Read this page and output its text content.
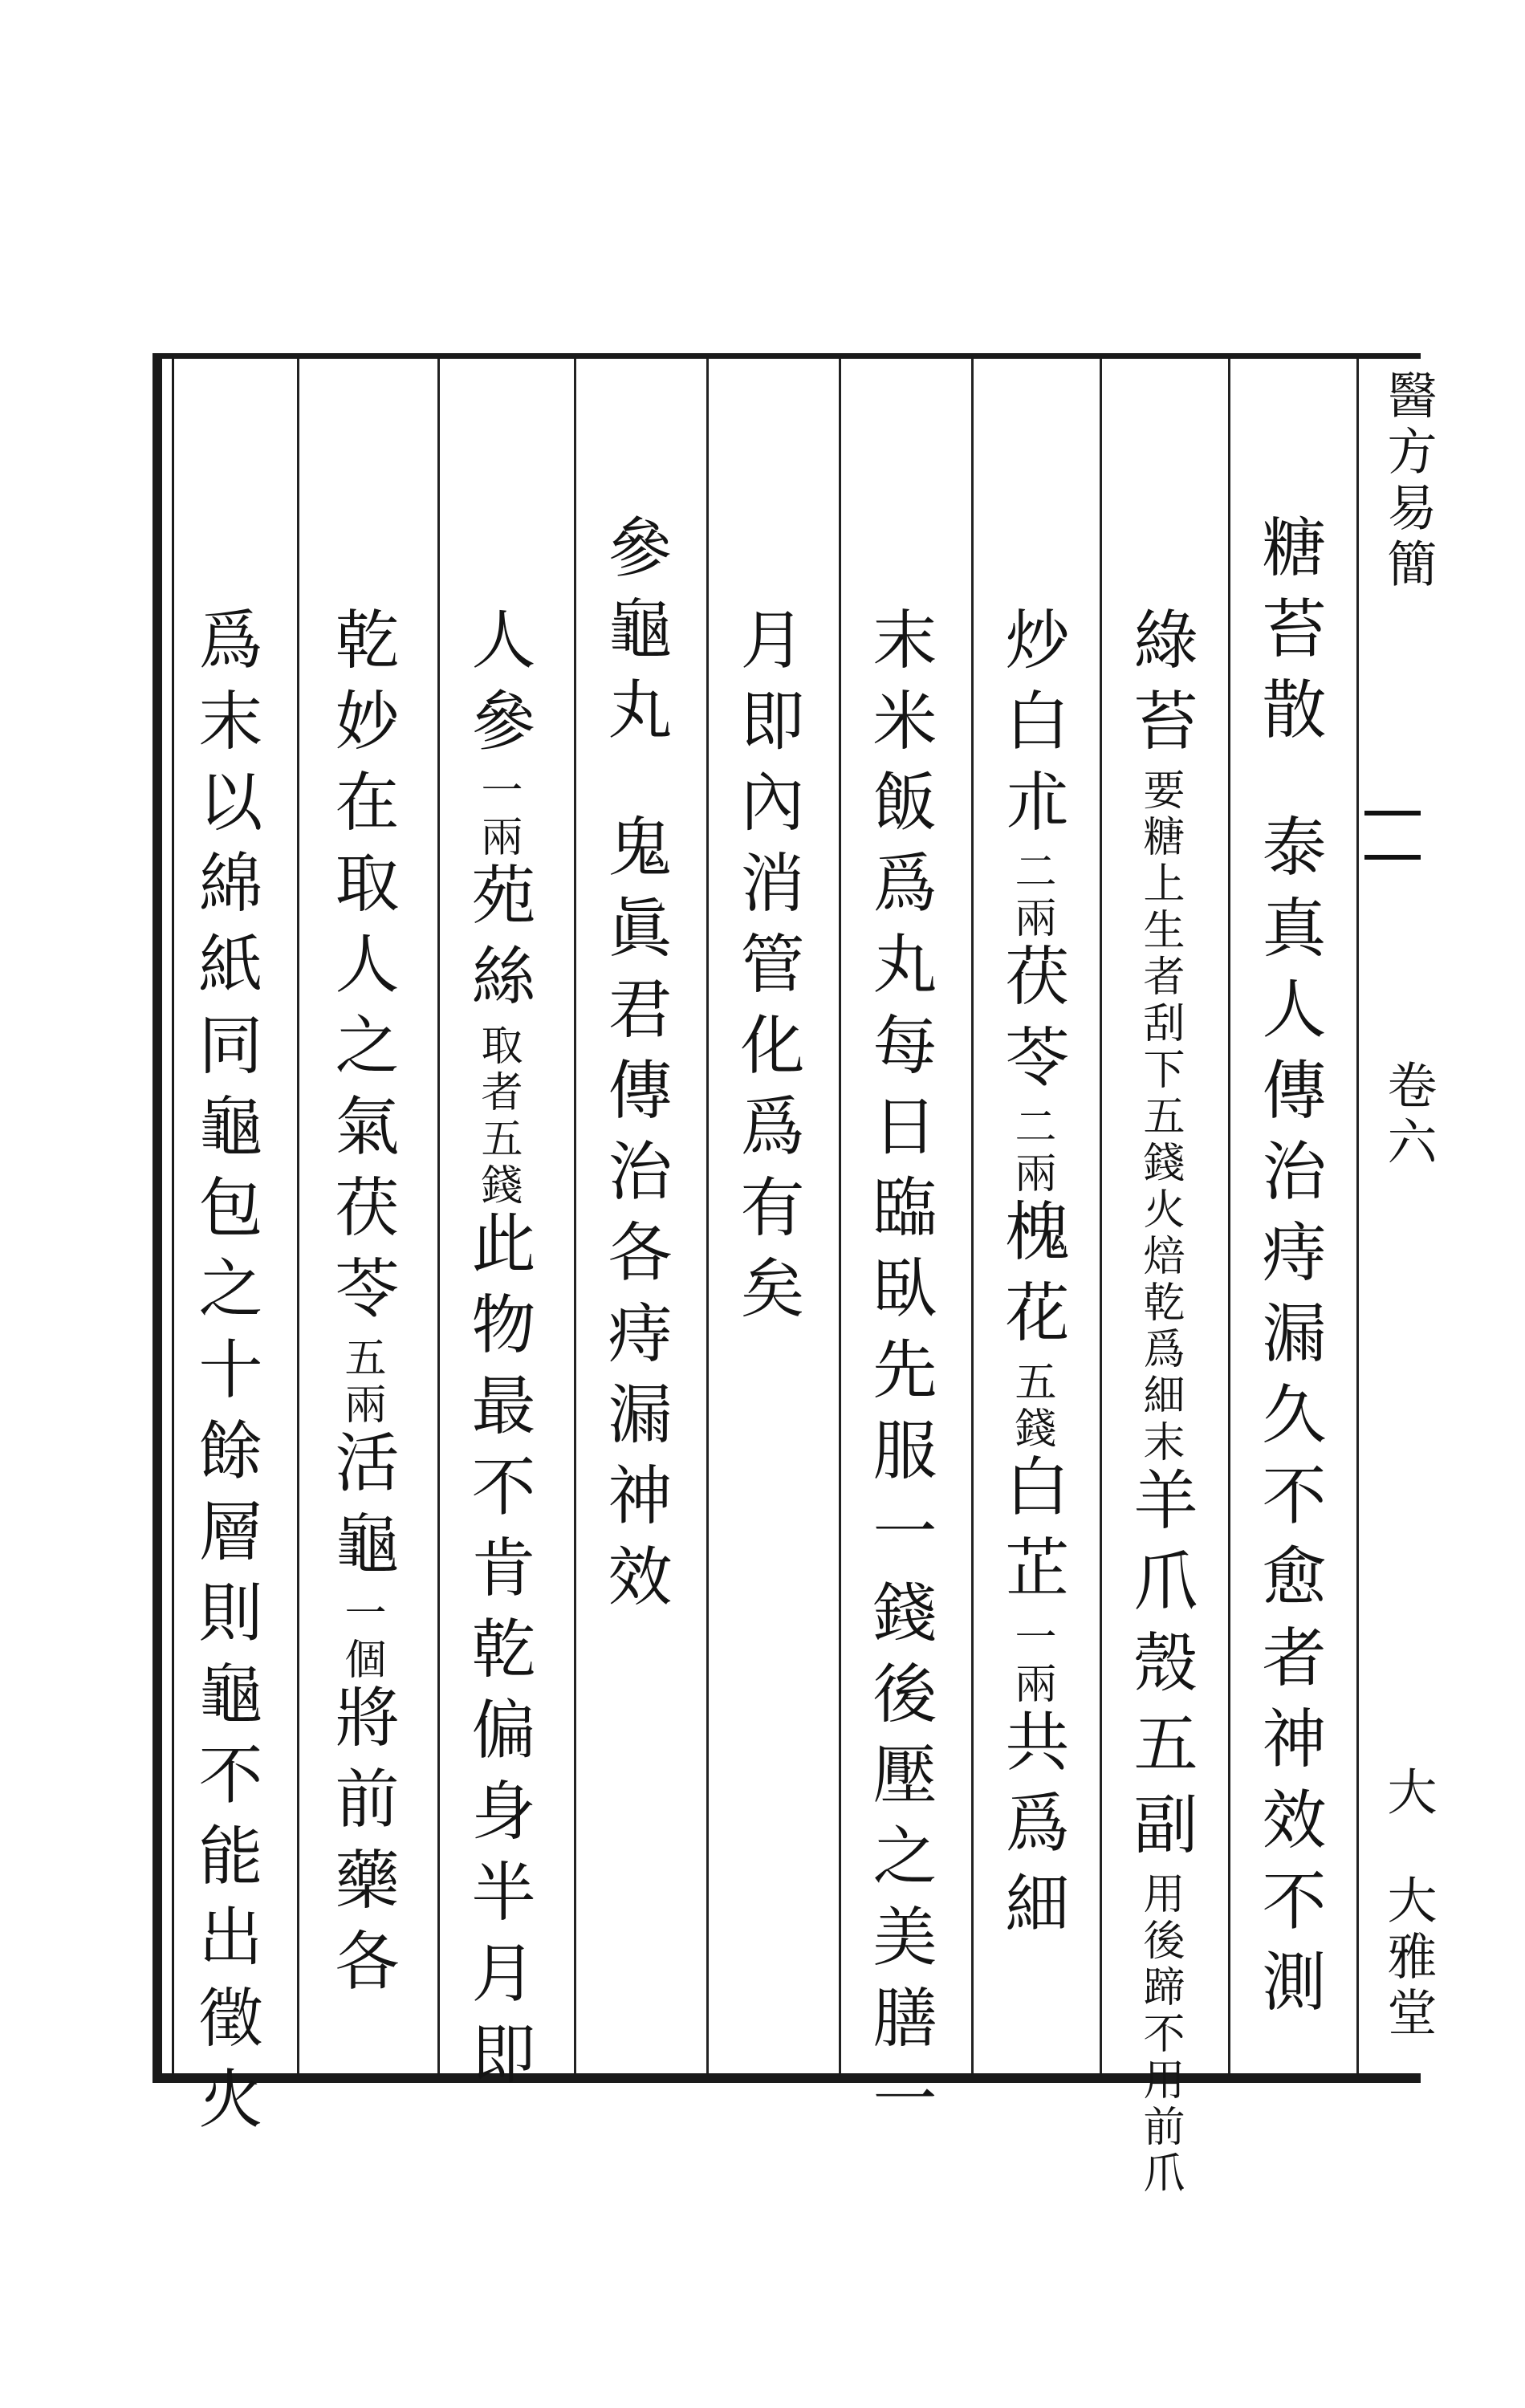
醫方易簡
卷六
大
大雅堂
糖苔散泰真人傳治痔漏久不愈者神效不測
綠苔要糖上生者刮下五錢火焙乾爲細末羊爪殼五副用後蹄不用前爪
炒白朮二兩茯苓二兩槐花五錢白芷一兩共爲細
末米飯爲丸每日臨臥先服一錢後壓之美膳一
月即內消管化爲有矣
參龜丸鬼眞君傳治各痔漏神效
人參一兩苑絲取者五錢此物最不肯乾偏身半月即
乾妙在取人之氣茯苓五兩活龜一個將前藥各
爲末以綿紙同龜包之十餘層則龜不能出徵火
